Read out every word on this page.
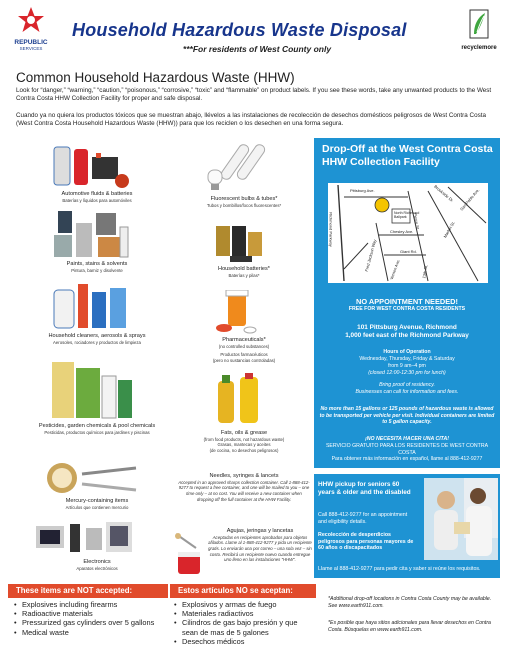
REPUBLIC
SERVICES
Household Hazardous Waste Disposal
***For residents of West County only	recyclemore
Common Household Hazardous Waste (HHW)
Look for “danger,” “warning,” “caution,” “poisonous,” “corrosive,” “toxic” and “flammable” on product labels. If you see these words, take any unwanted products to the West Contra Costa HHW Collection Facility for proper and safe disposal.
Cuando ya no quiera los productos tóxicos que se muestran abajo, llévelos a las instalaciones de recolección de desechos domésticos peligrosos de West Contra Costa (West Contra Costa Household Hazardous Waste (HHW)) para que los reciclen o los desechen en una forma segura.
Automotive fluids & batteries
Baterías y líquidos para automóviles
Paints, stains & solvents
Pintura, barniz y disolvente
Household cleaners, aerosols & sprays
Aerosoles, rociadores y productos de limpieza
Pesticides, garden chemicals & pool chemicals
Pesticidas, productos químicos para jardines y piscinas
Mercury-containing items
Artículos que contienen mercurio
Electronics
Aparatos electrónicos
Fluorescent bulbs & tubes*
Tubos y bombillos/focos fluorescentes*
Household batteries*
Baterías y pilas*
Pharmaceuticals*
(no controlled substances)
Productos farmacéuticos
(pero no sustancias controladas)
Fats, oils & grease
(from food products, not hazardous waste)
Grasas, mantecas y aceites
(de cocina, no desechos peligrosos)
Needles, syringes & lancets
Accepted in an approved sharps collection container. Call 1-888-412-9277 to request a free container, and one will be mailed to you – one time only – at no cost. You will receive a new container when dropping off the full container at the HHW Facility.
Agujas, jeringas y lancetas
Aceptadas en recipientes aprobados para objetos afilados. Llame al 1-888-412-9277 y pida un recipiente gratis. Lo enviarán una por correo – una sola vez – sin costo. Recibirá un recipiente nuevo cuando entregue uno lleno en las instalaciones “HHW”.
Drop-Off at the West Contra Costa HHW Collection Facility
Pittsburg Ave.
Richmond Parkway	North Richmond Ballpark
Brookside Dr. San Pablo Ave.
Market St.
Chesley Ave.
Fred Jackson Way	Giant Rd.
Pierce St.
Vernon Ave.	13th St.
NO APPOINTMENT NEEDED!
FREE FOR WEST CONTRA COSTA RESIDENTS
101 Pittsburg Avenue, Richmond
1,000 feet east of the Richmond Parkway
Hours of Operation
Wednesday, Thursday, Friday & Saturday
from 9 am–4 pm
(closed 12:00-12:30 pm for lunch)
Bring proof of residency.
Businesses can call for information and fees.
No more than 15 gallons or 125 pounds of hazardous waste is allowed to be transported per vehicle per visit. Individual containers are limited to 5 gallon capacity.
¡NO NECESITA HACER UNA CITA!
SERVICIO GRATUITO PARA LOS RESIDENTES DE WEST CONTRA COSTA
Para obtener más información en español, llame al 888-412-9277
HHW pickup for seniors 60 years & older and the disabled
Call 888-412-9277 for an appointment and eligibility details.
Recolección de desperdicios peligrosos para personas mayores de 60 años o discapacitados
Llame al 888-412-9277 para pedir cita y saber si reúne los requisitos.
These items are NOT accepted:
• Explosives including firearms
• Radioactive materials
• Pressurized gas cylinders over 5 gallons
• Medical waste
Estos artículos NO se aceptan:
• Explosivos y armas de fuego
• Materiales radiactivos
• Cilindros de gas bajo presión y que sean de mas de 5 galones
• Desechos médicos
*Additional drop-off locations in Contra Costa County may be available. See www.earth911.com.
*Es posible que haya sitios adicionales para llevar desechos en Contra Costa. Búsquelas en www.earth911.com.
